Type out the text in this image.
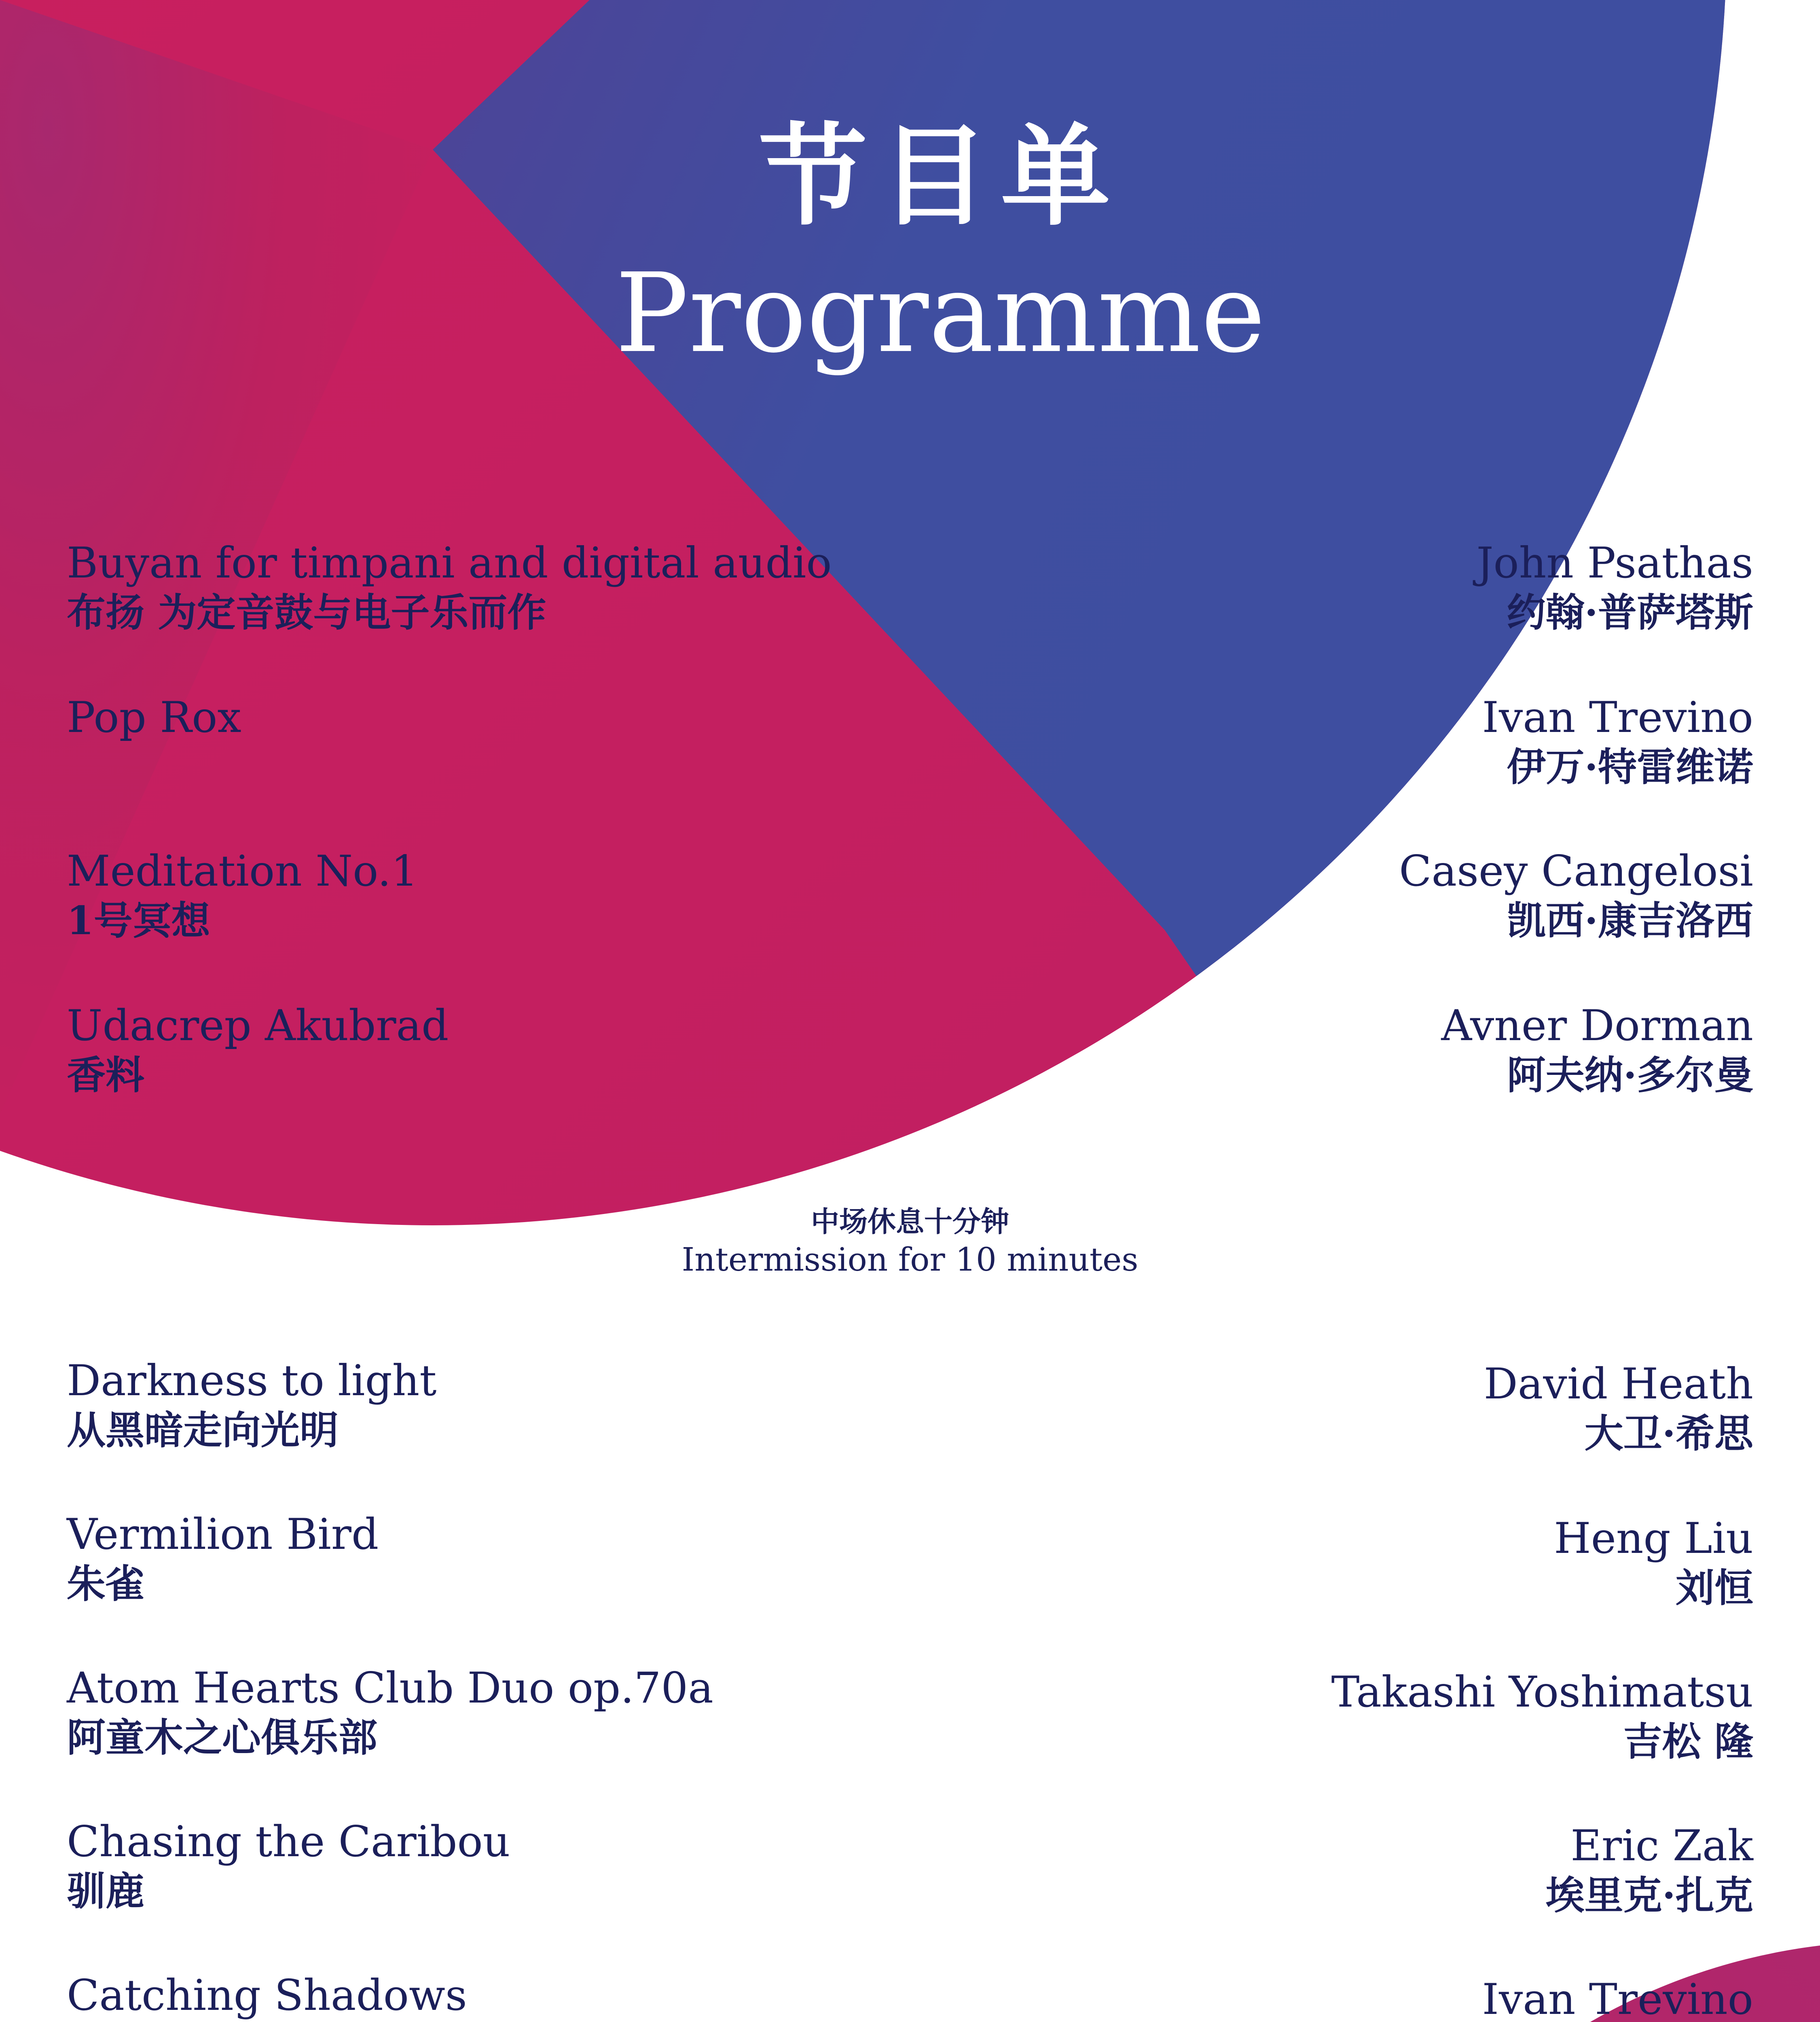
节目单
Programme
Buyan for timpani and digital audio
布扬 为定音鼓与电子乐而作
John Psathas
约翰·普萨塔斯
Pop Rox	Ivan Trevino
伊万·特雷维诺
Meditation No.1
1号冥想
Casey Cangelosi
凯西·康吉洛西
Udacrep Akubrad
香料
Avner Dorman
阿夫纳·多尔曼
中场休息十分钟
Intermission for 10 minutes
Darkness to light
从黑暗走向光明
David Heath
大卫·希思
Vermilion Bird
朱雀
Heng Liu
刘恒
Atom Hearts Club Duo op.70a
阿童木之心俱乐部
Takashi Yoshimatsu
吉松 隆
Chasing the Caribou
驯鹿
Eric Zak
埃里克·扎克
Catching Shadows	Ivan Trevino
